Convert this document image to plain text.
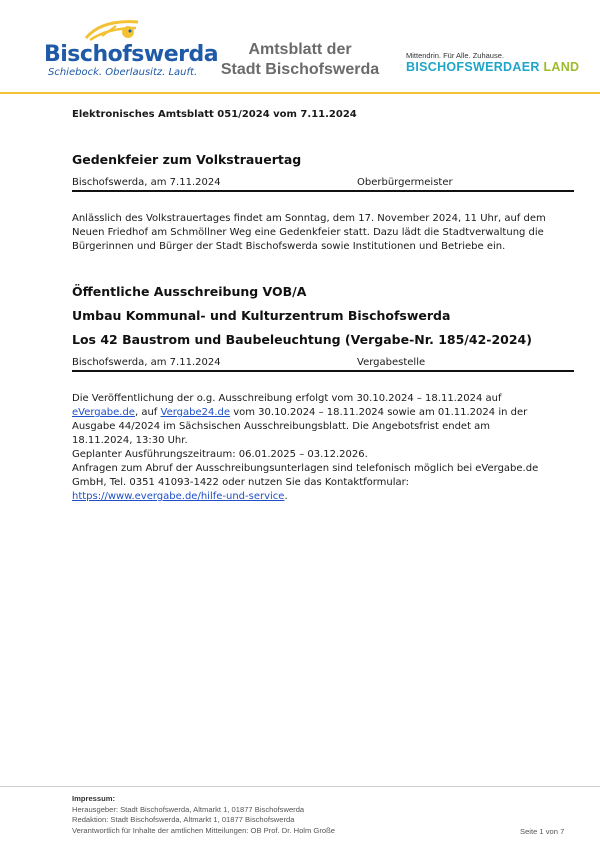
Bischofswerda
Schiebock. Oberlausitz. Lauft.
Amtsblatt der
Stadt Bischofswerda
Mittendrin. Für Alle. Zuhause.
BISCHOFSWERDAER LAND
Elektronisches Amtsblatt 051/2024 vom 7.11.2024
Gedenkfeier zum Volkstrauertag
Bischofswerda, am 7.11.2024	Oberbürgermeister
Anlässlich des Volkstrauertages findet am Sonntag, dem 17. November 2024, 11 Uhr, auf dem Neuen Friedhof am Schmöllner Weg eine Gedenkfeier statt. Dazu lädt die Stadtverwaltung die Bürgerinnen und Bürger der Stadt Bischofswerda sowie Institutionen und Betriebe ein.
Öffentliche Ausschreibung VOB/A
Umbau Kommunal- und Kulturzentrum Bischofswerda
Los 42 Baustrom und Baubeleuchtung (Vergabe-Nr. 185/42-2024)
Bischofswerda, am 7.11.2024	Vergabestelle
Die Veröffentlichung der o.g. Ausschreibung erfolgt vom 30.10.2024 – 18.11.2024 auf eVergabe.de, auf Vergabe24.de vom 30.10.2024 – 18.11.2024 sowie am 01.11.2024 in der Ausgabe 44/2024 im Sächsischen Ausschreibungsblatt. Die Angebotsfrist endet am 18.11.2024, 13:30 Uhr.
Geplanter Ausführungszeitraum: 06.01.2025 – 03.12.2026.
Anfragen zum Abruf der Ausschreibungsunterlagen sind telefonisch möglich bei eVergabe.de GmbH, Tel. 0351 41093-1422 oder nutzen Sie das Kontaktformular: https://www.evergabe.de/hilfe-und-service.
Impressum:
Herausgeber: Stadt Bischofswerda, Altmarkt 1, 01877 Bischofswerda
Redaktion: Stadt Bischofswerda, Altmarkt 1, 01877 Bischofswerda
Verantwortlich für Inhalte der amtlichen Mitteilungen: OB Prof. Dr. Holm Große	Seite 1 von 7
